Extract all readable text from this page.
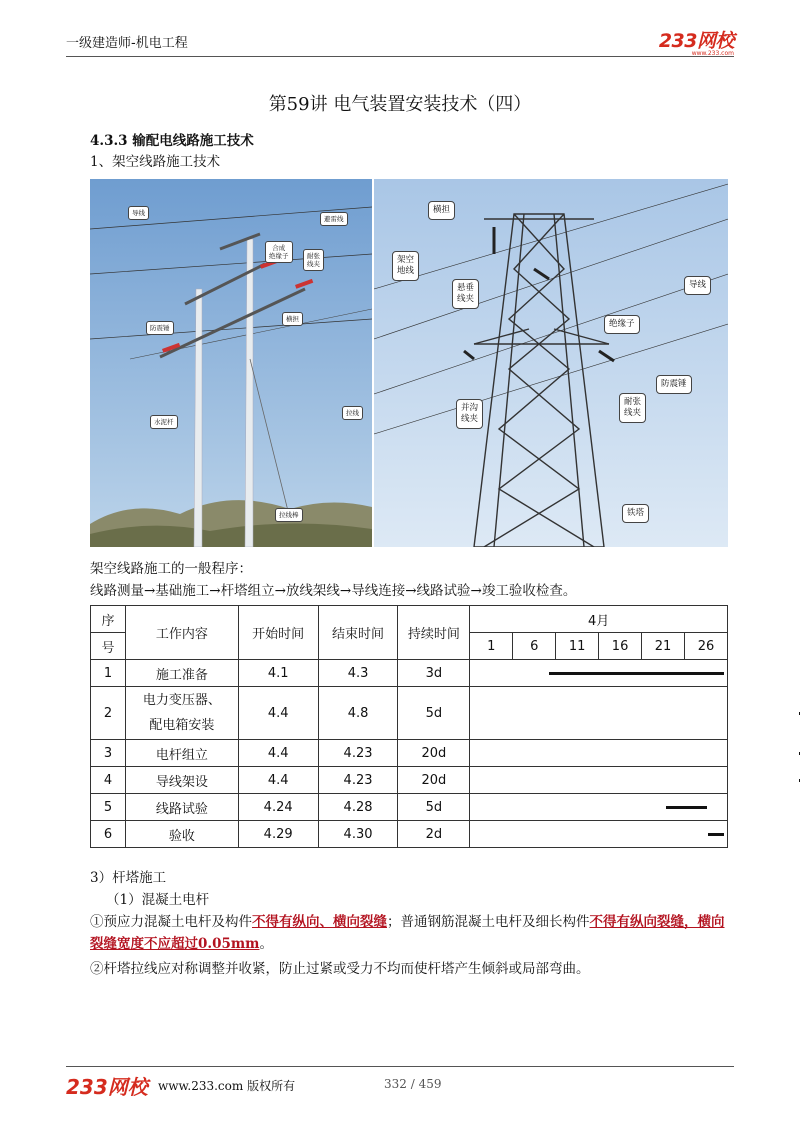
一级建造师-机电工程	233网校
www.233.com
第59讲 电气装置安装技术（四）
4.3.3 输配电线路施工技术
1、架空线路施工技术
导线
避雷线
合成
绝缘子	耐张
线夹
防震锤
横担
水泥杆
拉线
拉线棒
横担
架空
地线
悬垂
线夹
导线
绝缘子
防震锤
耐张
线夹
并沟
线夹
铁塔
架空线路施工的一般程序：
线路测量→基础施工→杆塔组立→放线架线→导线连接→线路试验→竣工验收检查。
序	工作内容	开始时间	结束时间	持续时间	4月					
号					1	6	11	16	21	26
1	施工准备	4.1	4.3	3d						

2	电力变压器、
配电箱安装	4.4	4.8	5d						

3	电杆组立	4.4	4.23	20d						

4	导线架设	4.4	4.23	20d						

5	线路试验	4.24	4.28	5d						

6	验收	4.29	4.30	2d						
3）杆塔施工
（1）混凝土电杆
①预应力混凝土电杆及构件不得有纵向、横向裂缝；普通钢筋混凝土电杆及细长构件不得有纵向裂缝，横向裂缝宽度不应超过0.05mm。
②杆塔拉线应对称调整并收紧，防止过紧或受力不均而使杆塔产生倾斜或局部弯曲。
233网校 www.233.com 版权所有	332 / 459
